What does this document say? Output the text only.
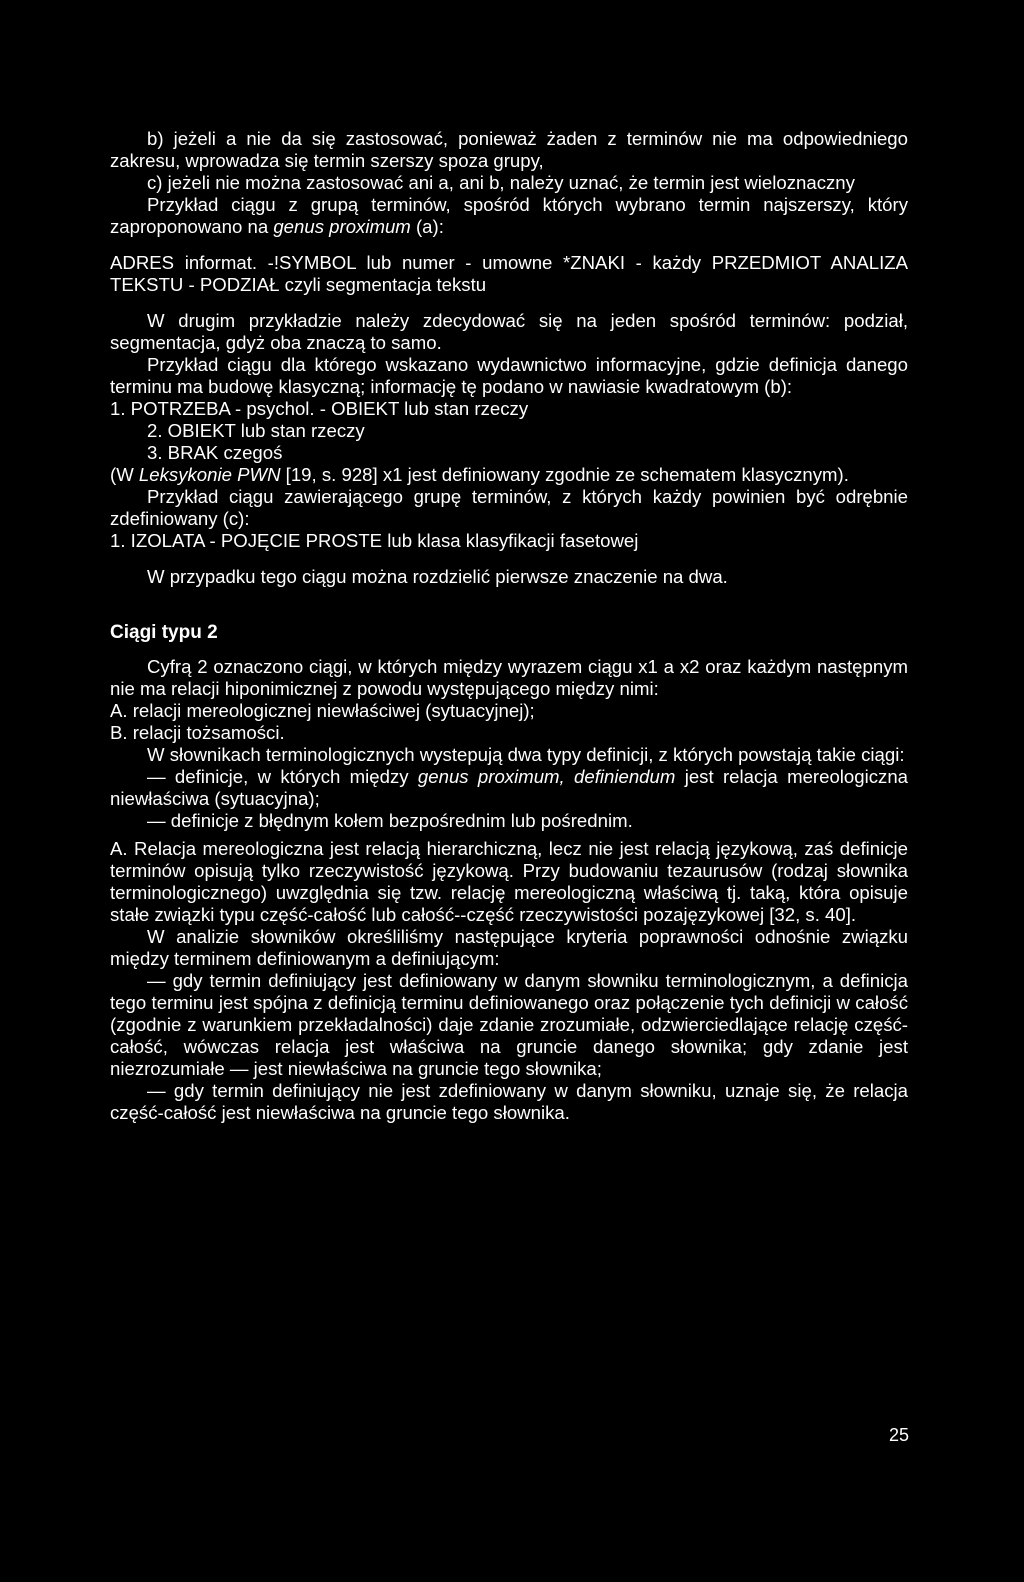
b) jeżeli a nie da się zastosować, ponieważ żaden z terminów nie ma odpowiedniego zakresu, wprowadza się termin szerszy spoza grupy,

c) jeżeli nie można zastosować ani a, ani b, należy uznać, że termin jest wieloznaczny

Przykład ciągu z grupą terminów, spośród których wybrano termin najszerszy, który zaproponowano na genus proximum (a):

ADRES informat. -!SYMBOL lub numer - umowne *ZNAKI - każdy PRZEDMIOT ANALIZA TEKSTU - PODZIAŁ czyli segmentacja tekstu

W drugim przykładzie należy zdecydować się na jeden spośród terminów: podział, segmentacja, gdyż oba znaczą to samo.

Przykład ciągu dla którego wskazano wydawnictwo informacyjne, gdzie definicja danego terminu ma budowę klasyczną; informację tę podano w nawiasie kwadratowym (b):

1. POTRZEBA - psychol. - OBIEKT lub stan rzeczy

2. OBIEKT lub stan rzeczy

3. BRAK czegoś

(W Leksykonie PWN [19, s. 928] x1 jest definiowany zgodnie ze schematem klasycznym).

Przykład ciągu zawierającego grupę terminów, z których każdy powinien być odrębnie zdefiniowany (c):

1. IZOLATA - POJĘCIE PROSTE lub klasa klasyfikacji fasetowej

W przypadku tego ciągu można rozdzielić pierwsze znaczenie na dwa.

Ciągi typu 2

Cyfrą 2 oznaczono ciągi, w których między wyrazem ciągu x1 a x2 oraz każdym następnym nie ma relacji hiponimicznej z powodu występującego między nimi:

A. relacji mereologicznej niewłaściwej (sytuacyjnej);

B. relacji tożsamości.

W słownikach terminologicznych wystepują dwa typy definicji, z których powstają takie ciągi:

— definicje, w których między genus proximum, definiendum jest relacja mereologiczna niewłaściwa (sytuacyjna);

— definicje z błędnym kołem bezpośrednim lub pośrednim.

A. Relacja mereologiczna jest relacją hierarchiczną, lecz nie jest relacją językową, zaś definicje terminów opisują tylko rzeczywistość językową. Przy budowaniu tezaurusów (rodzaj słownika terminologicznego) uwzględnia się tzw. relację mereologiczną właściwą tj. taką, która opisuje stałe związki typu część-całość lub całość--część rzeczywistości pozajęzykowej [32, s. 40].

W analizie słowników określiliśmy następujące kryteria poprawności odnośnie związku między terminem definiowanym a definiującym:

— gdy termin definiujący jest definiowany w danym słowniku terminologicznym, a definicja tego terminu jest spójna z definicją terminu definiowanego oraz połączenie tych definicji w całość (zgodnie z warunkiem przekładalności) daje zdanie zrozumiałe, odzwierciedlające relację część-całość, wówczas relacja jest właściwa na gruncie danego słownika; gdy zdanie jest niezrozumiałe — jest niewłaściwa na gruncie tego słownika;

— gdy termin definiujący nie jest zdefiniowany w danym słowniku, uznaje się, że relacja część-całość jest niewłaściwa na gruncie tego słownika.

25
